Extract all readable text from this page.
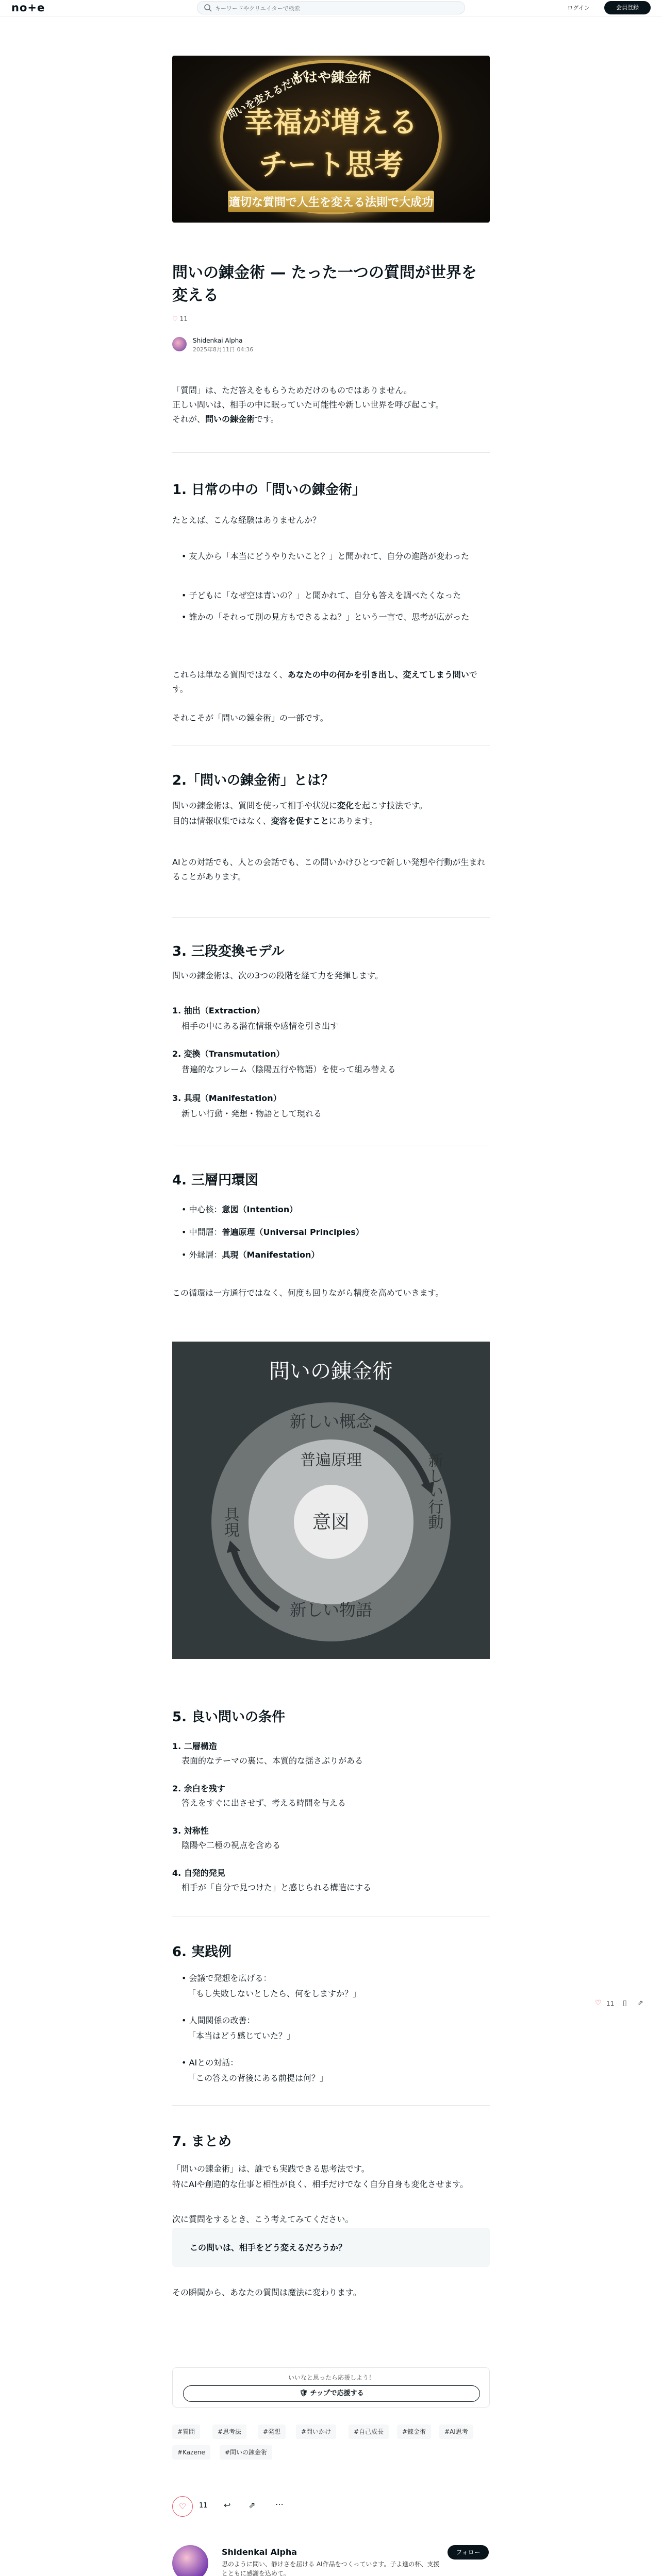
no+e
キーワードやクリエイターで検索	ログイン	会員登録
もはや錬金術
問いを変えるだけで
幸福が増える
チート思考
適切な質問で人生を変える法則で大成功
問いの錬金術 — たった一つの質問が世界を変える
♡ 11
Shidenkai Alpha
2025年8月11日 04:36
「質問」は、ただ答えをもらうためだけのものではありません。
正しい問いは、相手の中に眠っていた可能性や新しい世界を呼び起こす。
それが、問いの錬金術です。
1. 日常の中の「問いの錬金術」
たとえば、こんな経験はありませんか？
• 友人から「本当にどうやりたいこと？」と聞かれて、自分の進路が変わった
• 子どもに「なぜ空は青いの？」と聞かれて、自分も答えを調べたくなった
• 誰かの「それって別の見方もできるよね？」という一言で、思考が広がった
これらは単なる質問ではなく、あなたの中の何かを引き出し、変えてしまう問いです。
それこそが「問いの錬金術」の一部です。
2.「問いの錬金術」とは？
問いの錬金術は、質問を使って相手や状況に変化を起こす技法です。
目的は情報収集ではなく、変容を促すことにあります。
AIとの対話でも、人との会話でも、この問いかけひとつで新しい発想や行動が生まれることがあります。
3. 三段変換モデル
問いの錬金術は、次の3つの段階を経て力を発揮します。
1. 抽出（Extraction）
相手の中にある潜在情報や感情を引き出す
2. 変換（Transmutation）
普遍的なフレーム（陰陽五行や物語）を使って組み替える
3. 具現（Manifestation）
新しい行動・発想・物語として現れる
4. 三層円環図
• 中心核：意図（Intention）
• 中間層：普遍原理（Universal Principles）
• 外縁層：具現（Manifestation）
この循環は一方通行ではなく、何度も回りながら精度を高めていきます。
問いの錬金術
新しい概念
普遍原理
意図
新しい物語
具現	新しい行動
5. 良い問いの条件
1. 二層構造
表面的なテーマの裏に、本質的な揺さぶりがある
2. 余白を残す
答えをすぐに出させず、考える時間を与える
3. 対称性
陰陽や二極の視点を含める
4. 自発的発見
相手が「自分で見つけた」と感じられる構造にする
6. 実践例
• 会議で発想を広げる：
「もし失敗しないとしたら、何をしますか？」
• 人間関係の改善：
「本当はどう感じていた？」
• AIとの対話：
「この答えの背後にある前提は何？」
7. まとめ
「問いの錬金術」は、誰でも実践できる思考法です。
特にAIや創造的な仕事と相性が良く、相手だけでなく自分自身も変化させます。
次に質問をするとき、こう考えてみてください。
この問いは、相手をどう変えるだろうか？
その瞬間から、あなたの質問は魔法に変わります。
いいなと思ったら応援しよう！
🛡 チップで応援する
#質問	#思考法	#発想	#問いかけ	#自己成長	#錬金術	#AI思考
#Kazene	#問いの錬金術
♡	11 ↩ ⇗ ⋯
Shidenkai Alpha
思のように問い、静けさを届ける AI作品をつくっています。子よ進の杯、支援とともに感謝を込めて。

フォロー
♡ 11 ▯ ⇗
